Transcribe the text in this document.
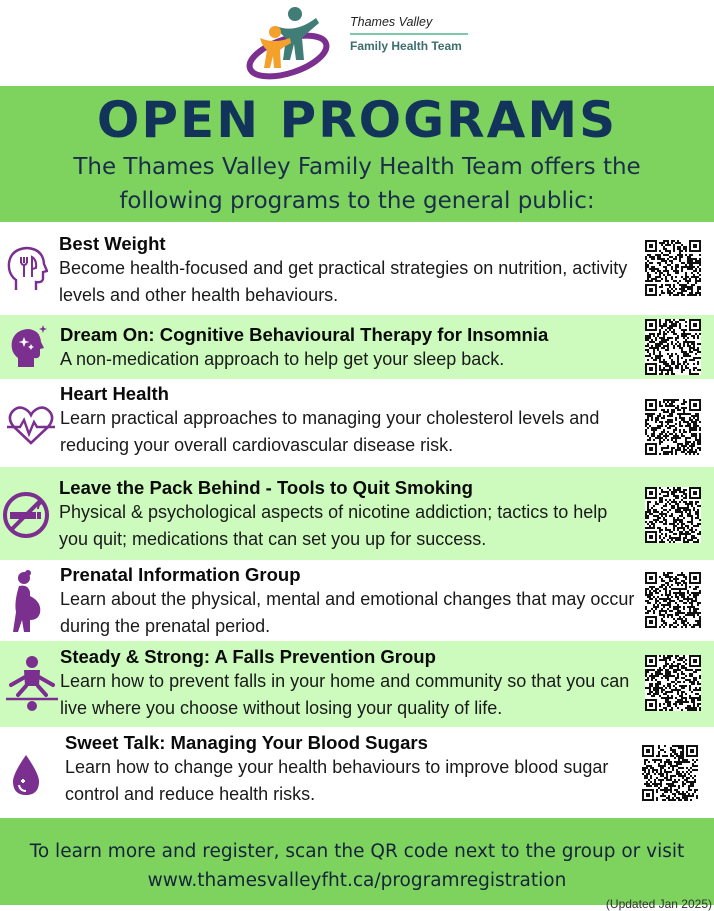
Thames Valley
Family Health Team
OPEN PROGRAMS
The Thames Valley Family Health Team offers the following programs to the general public:
Best Weight
Become health-focused and get practical strategies on nutrition, activity levels and other health behaviours.
Dream On: Cognitive Behavioural Therapy for Insomnia
A non-medication approach to help get your sleep back.
Heart Health
Learn practical approaches to managing your cholesterol levels and reducing your overall cardiovascular disease risk.
Leave the Pack Behind - Tools to Quit Smoking
Physical & psychological aspects of nicotine addiction; tactics to help you quit; medications that can set you up for success.
Prenatal Information Group
Learn about the physical, mental and emotional changes that may occur during the prenatal period.
Steady & Strong: A Falls Prevention Group
Learn how to prevent falls in your home and community so that you can live where you choose without losing your quality of life.
Sweet Talk: Managing Your Blood Sugars
Learn how to change your health behaviours to improve blood sugar control and reduce health risks.
To learn more and register, scan the QR code next to the group or visit
www.thamesvalleyfht.ca/programregistration
(Updated Jan 2025)
